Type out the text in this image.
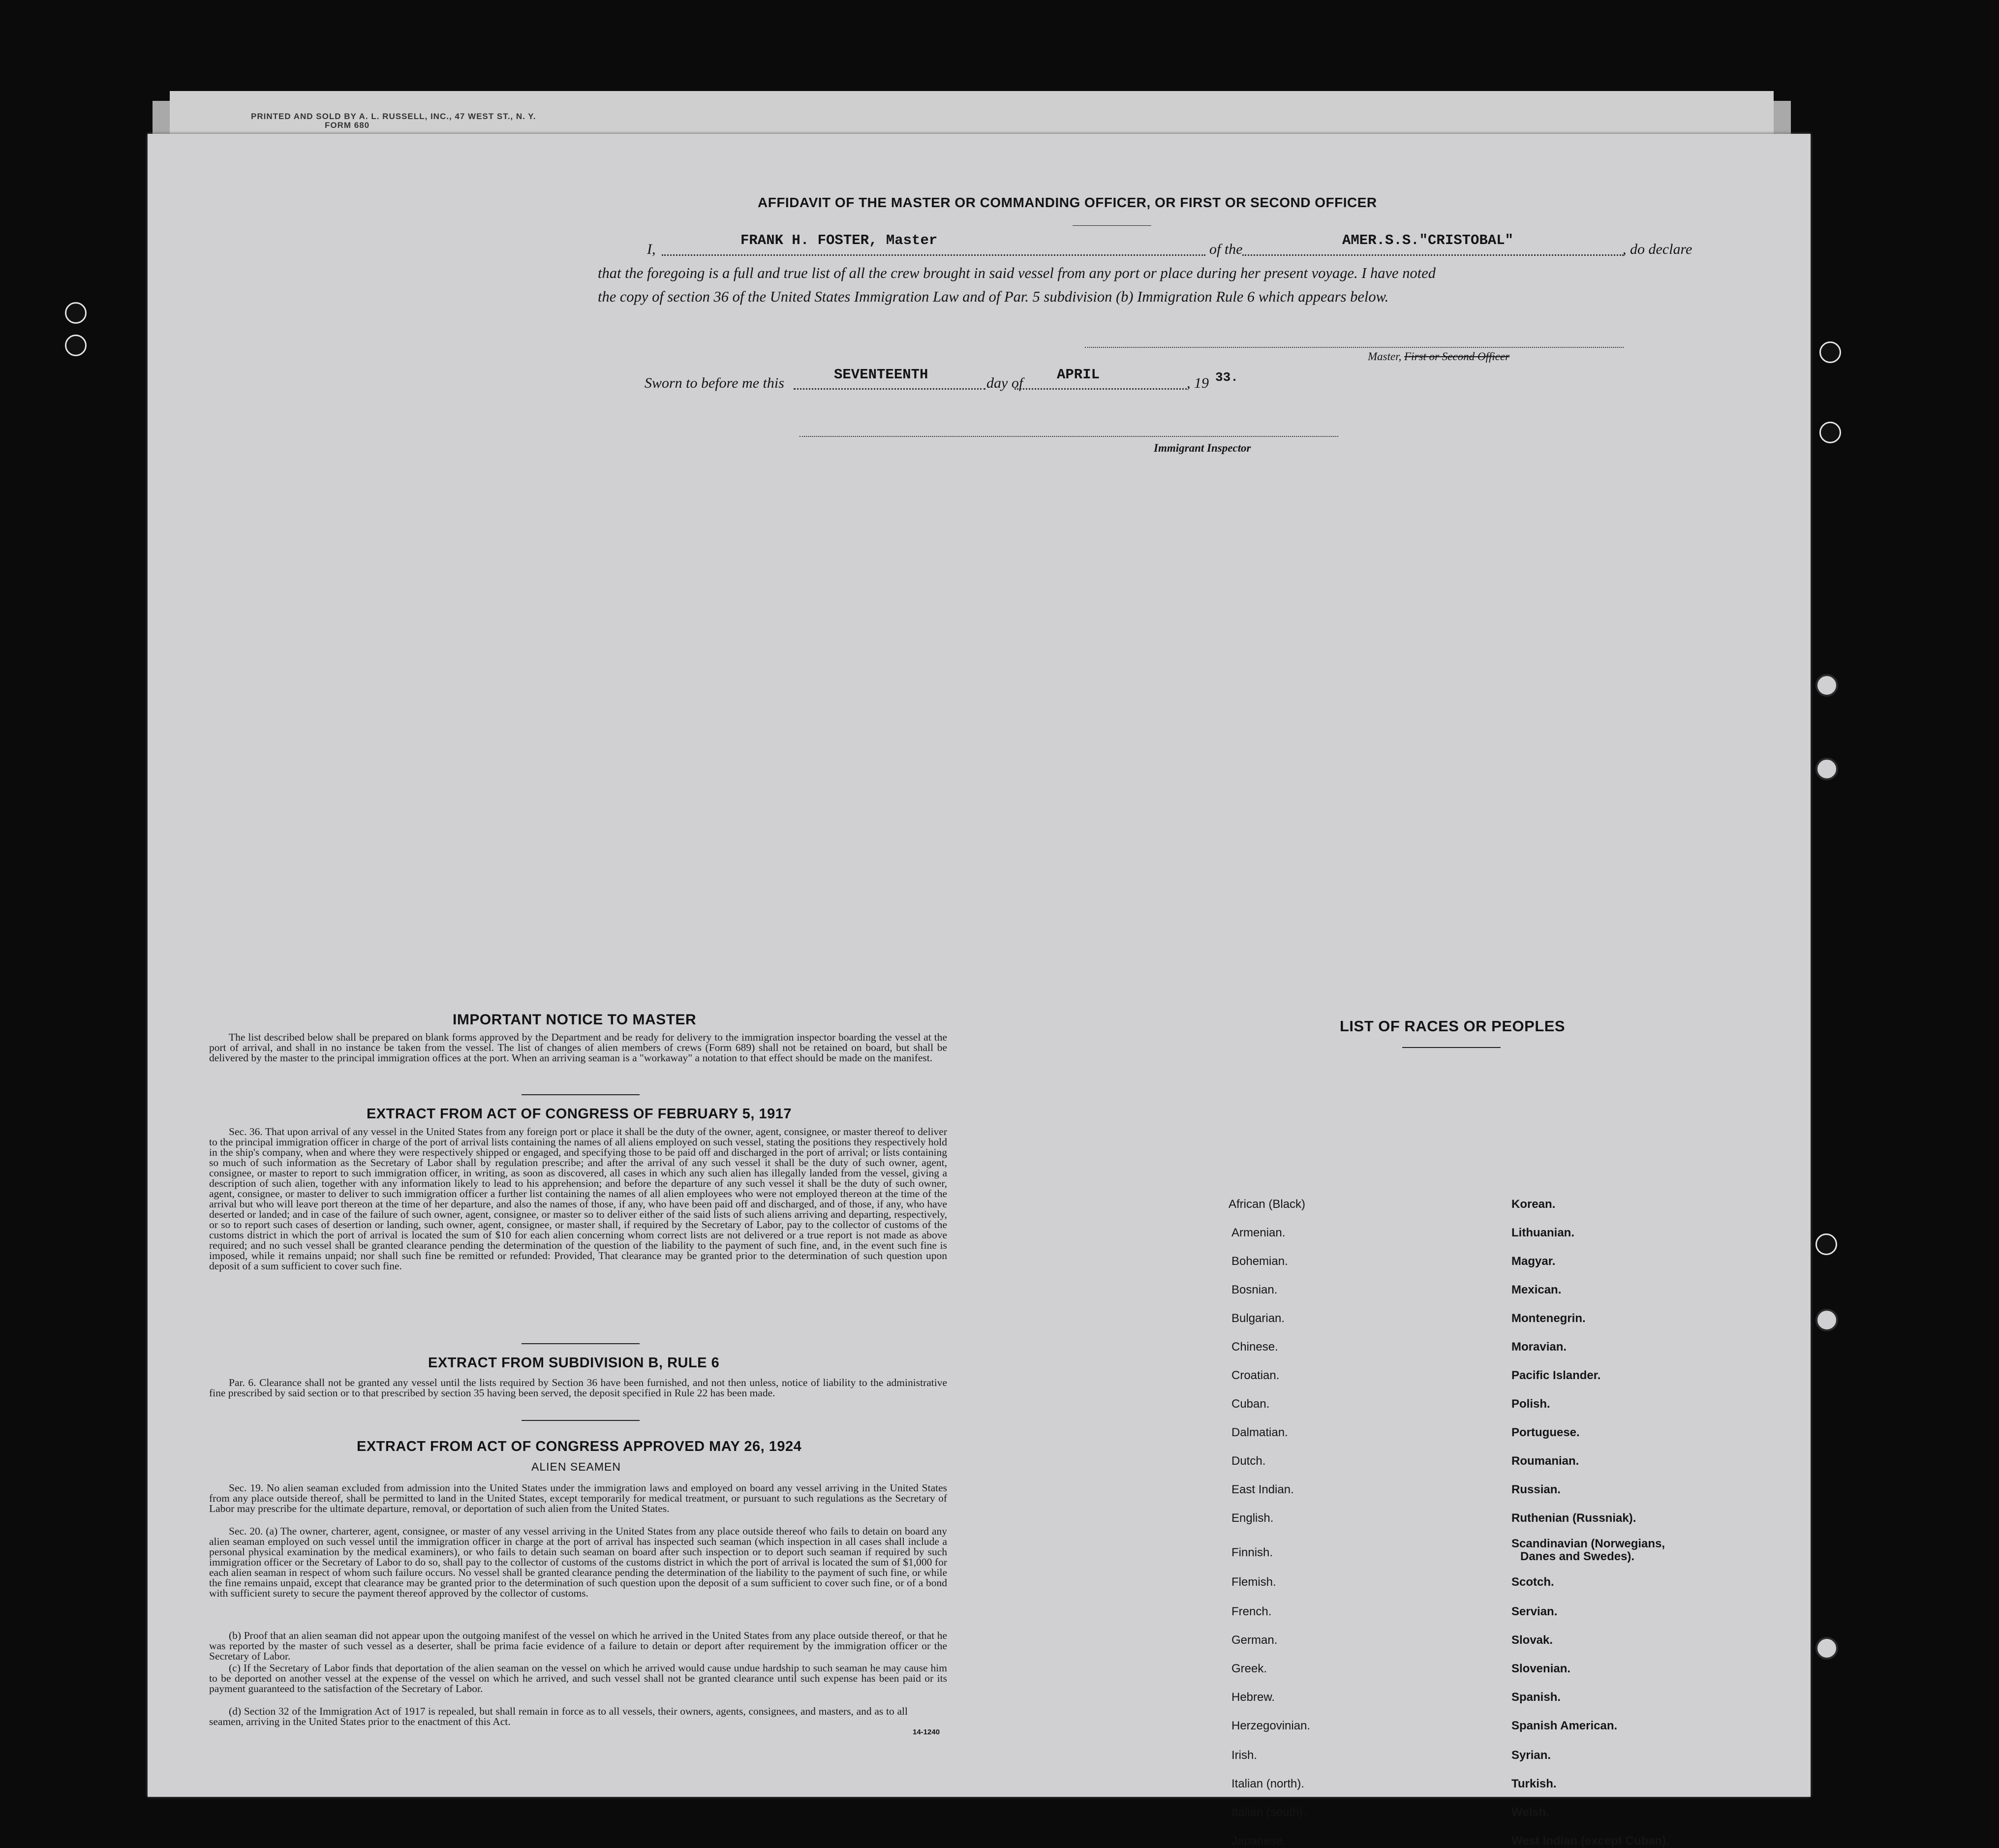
PRINTED AND SOLD BY A. L. RUSSELL, INC., 47 WEST ST., N. Y.
FORM 680
AFFIDAVIT OF THE MASTER OR COMMANDING OFFICER, OR FIRST OR SECOND OFFICER
I,
FRANK H. FOSTER, Master
of the
AMER.S.S."CRISTOBAL"
, do declare
that the foregoing is a full and true list of all the crew brought in said vessel from any port or place during her present voyage. I have noted
the copy of section 36 of the United States Immigration Law and of Par. 5 subdivision (b) Immigration Rule 6 which appears below.
Master, First or Second Officer
Sworn to before me this
SEVENTEENTH
day of
APRIL
, 19 33.
Immigrant Inspector
IMPORTANT NOTICE TO MASTER
The list described below shall be prepared on blank forms approved by the Department and be ready for delivery to the immigration inspector boarding the vessel at the port of arrival, and shall in no instance be taken from the vessel. The list of changes of alien members of crews (Form 689) shall not be retained on board, but shall be delivered by the master to the principal immigration offices at the port. When an arriving seaman is a "workaway" a notation to that effect should be made on the manifest.
EXTRACT FROM ACT OF CONGRESS OF FEBRUARY 5, 1917
Sec. 36. That upon arrival of any vessel in the United States from any foreign port or place it shall be the duty of the owner, agent, consignee, or master thereof to deliver to the principal immigration officer in charge of the port of arrival lists containing the names of all aliens employed on such vessel, stating the positions they respectively hold in the ship's company, when and where they were respectively shipped or engaged, and specifying those to be paid off and discharged in the port of arrival; or lists containing so much of such information as the Secretary of Labor shall by regulation prescribe; and after the arrival of any such vessel it shall be the duty of such owner, agent, consignee, or master to report to such immigration officer, in writing, as soon as discovered, all cases in which any such alien has illegally landed from the vessel, giving a description of such alien, together with any information likely to lead to his apprehension; and before the departure of any such vessel it shall be the duty of such owner, agent, consignee, or master to deliver to such immigration officer a further list containing the names of all alien employees who were not employed thereon at the time of the arrival but who will leave port thereon at the time of her departure, and also the names of those, if any, who have been paid off and discharged, and of those, if any, who have deserted or landed; and in case of the failure of such owner, agent, consignee, or master so to deliver either of the said lists of such aliens arriving and departing, respectively, or so to report such cases of desertion or landing, such owner, agent, consignee, or master shall, if required by the Secretary of Labor, pay to the collector of customs of the customs district in which the port of arrival is located the sum of $10 for each alien concerning whom correct lists are not delivered or a true report is not made as above required; and no such vessel shall be granted clearance pending the determination of the question of the liability to the payment of such fine, and, in the event such fine is imposed, while it remains unpaid; nor shall such fine be remitted or refunded: Provided, That clearance may be granted prior to the determination of such question upon deposit of a sum sufficient to cover such fine.
EXTRACT FROM SUBDIVISION B, RULE 6
Par. 6. Clearance shall not be granted any vessel until the lists required by Section 36 have been furnished, and not then unless, notice of liability to the administrative fine prescribed by said section or to that prescribed by section 35 having been served, the deposit specified in Rule 22 has been made.
EXTRACT FROM ACT OF CONGRESS APPROVED MAY 26, 1924
ALIEN SEAMEN
Sec. 19. No alien seaman excluded from admission into the United States under the immigration laws and employed on board any vessel arriving in the United States from any place outside thereof, shall be permitted to land in the United States, except temporarily for medical treatment, or pursuant to such regulations as the Secretary of Labor may prescribe for the ultimate departure, removal, or deportation of such alien from the United States.
Sec. 20. (a) The owner, charterer, agent, consignee, or master of any vessel arriving in the United States from any place outside thereof who fails to detain on board any alien seaman employed on such vessel until the immigration officer in charge at the port of arrival has inspected such seaman (which inspection in all cases shall include a personal physical examination by the medical examiners), or who fails to detain such seaman on board after such inspection or to deport such seaman if required by such immigration officer or the Secretary of Labor to do so, shall pay to the collector of customs of the customs district in which the port of arrival is located the sum of $1,000 for each alien seaman in respect of whom such failure occurs. No vessel shall be granted clearance pending the determination of the liability to the payment of such fine, or while the fine remains unpaid, except that clearance may be granted prior to the determination of such question upon the deposit of a sum sufficient to cover such fine, or of a bond with sufficient surety to secure the payment thereof approved by the collector of customs.
(b) Proof that an alien seaman did not appear upon the outgoing manifest of the vessel on which he arrived in the United States from any place outside thereof, or that he was reported by the master of such vessel as a deserter, shall be prima facie evidence of a failure to detain or deport after requirement by the immigration officer or the Secretary of Labor.
(c) If the Secretary of Labor finds that deportation of the alien seaman on the vessel on which he arrived would cause undue hardship to such seaman he may cause him to be deported on another vessel at the expense of the vessel on which he arrived, and such vessel shall not be granted clearance until such expense has been paid or its payment guaranteed to the satisfaction of the Secretary of Labor.
(d) Section 32 of the Immigration Act of 1917 is repealed, but shall remain in force as to all vessels, their owners, agents, consignees, and masters, and as to all seamen, arriving in the United States prior to the enactment of this Act.
14-1240
LIST OF RACES OR PEOPLES
African (Black)
Armenian.
Bohemian.
Bosnian.
Bulgarian.
Chinese.
Croatian.
Cuban.
Dalmatian.
Dutch.
East Indian.
English.
Finnish.
Flemish.
French.
German.
Greek.
Hebrew.
Herzegovinian.
Irish.
Italian (north).
Italian (south).
Japanese.
Korean.
Lithuanian.
Magyar.
Mexican.
Montenegrin.
Moravian.
Pacific Islander.
Polish.
Portuguese.
Roumanian.
Russian.
Ruthenian (Russniak).
Scandinavian (Norwegians,
Danes and Swedes).
Scotch.
Servian.
Slovak.
Slovenian.
Spanish.
Spanish American.
Syrian.
Turkish.
Welsh.
West Indian (except Cuban).
